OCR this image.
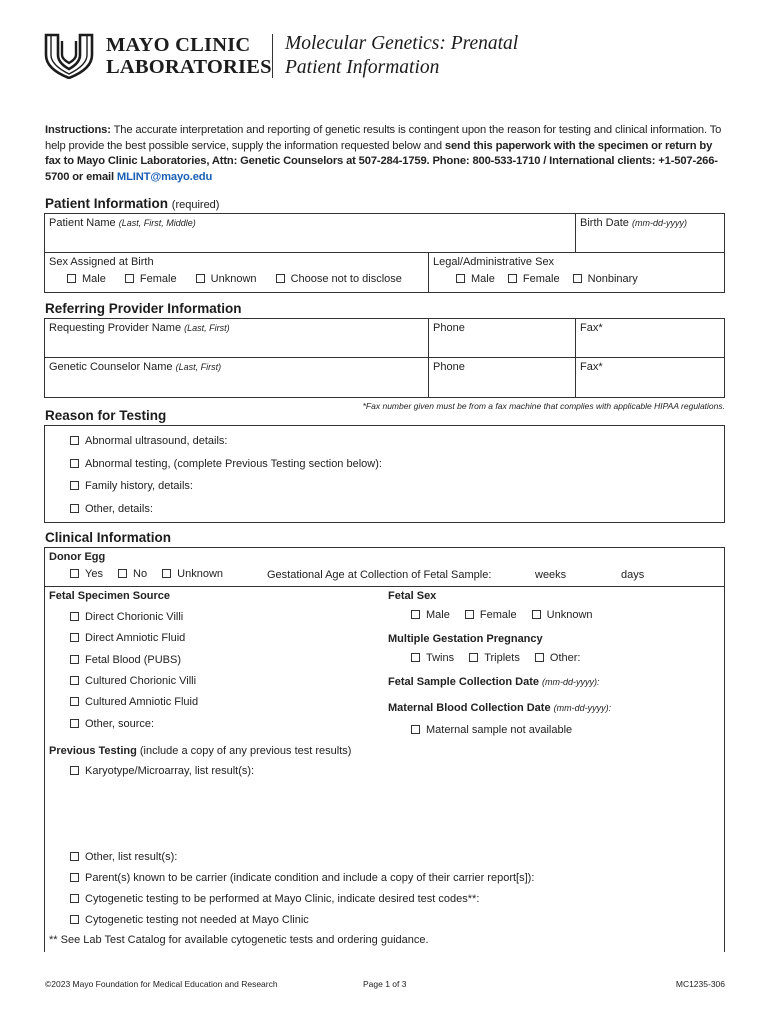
MAYO CLINIC
LABORATORIES
Molecular Genetics: Prenatal
Patient Information
Instructions: The accurate interpretation and reporting of genetic results is contingent upon the reason for testing and clinical information. To help provide the best possible service, supply the information requested below and send this paperwork with the specimen or return by fax to Mayo Clinic Laboratories, Attn: Genetic Counselors at 507-284-1759. Phone: 800-533-1710 / International clients: +1-507-266-5700 or email MLINT@mayo.edu
Patient Information (required)
Patient Name (Last, First, Middle)	Birth Date (mm-dd-yyyy)
Sex Assigned at Birth
Male	Female	Unknown	Choose not to disclose
Legal/Administrative Sex
Male	Female	Nonbinary
Referring Provider Information
Requesting Provider Name (Last, First)	Phone	Fax*
Genetic Counselor Name (Last, First)	Phone	Fax*
*Fax number given must be from a fax machine that complies with applicable HIPAA regulations.
Reason for Testing
Abnormal ultrasound, details:
Abnormal testing, (complete Previous Testing section below):
Family history, details:
Other, details:
Clinical Information
Donor Egg
Yes	No	Unknown	Gestational Age at Collection of Fetal Sample:	weeks	days
Fetal Specimen Source
Direct Chorionic Villi
Direct Amniotic Fluid
Fetal Blood (PUBS)
Cultured Chorionic Villi
Cultured Amniotic Fluid
Other, source:
Fetal Sex
Male	Female	Unknown
Multiple Gestation Pregnancy
Twins	Triplets	Other:
Fetal Sample Collection Date (mm-dd-yyyy):
Maternal Blood Collection Date (mm-dd-yyyy):
Maternal sample not available
Previous Testing (include a copy of any previous test results)
Karyotype/Microarray, list result(s):
Other, list result(s):
Parent(s) known to be carrier (indicate condition and include a copy of their carrier report[s]):
Cytogenetic testing to be performed at Mayo Clinic, indicate desired test codes**:
Cytogenetic testing not needed at Mayo Clinic
** See Lab Test Catalog for available cytogenetic tests and ordering guidance.
©2023 Mayo Foundation for Medical Education and Research	Page 1 of 3	MC1235-306
